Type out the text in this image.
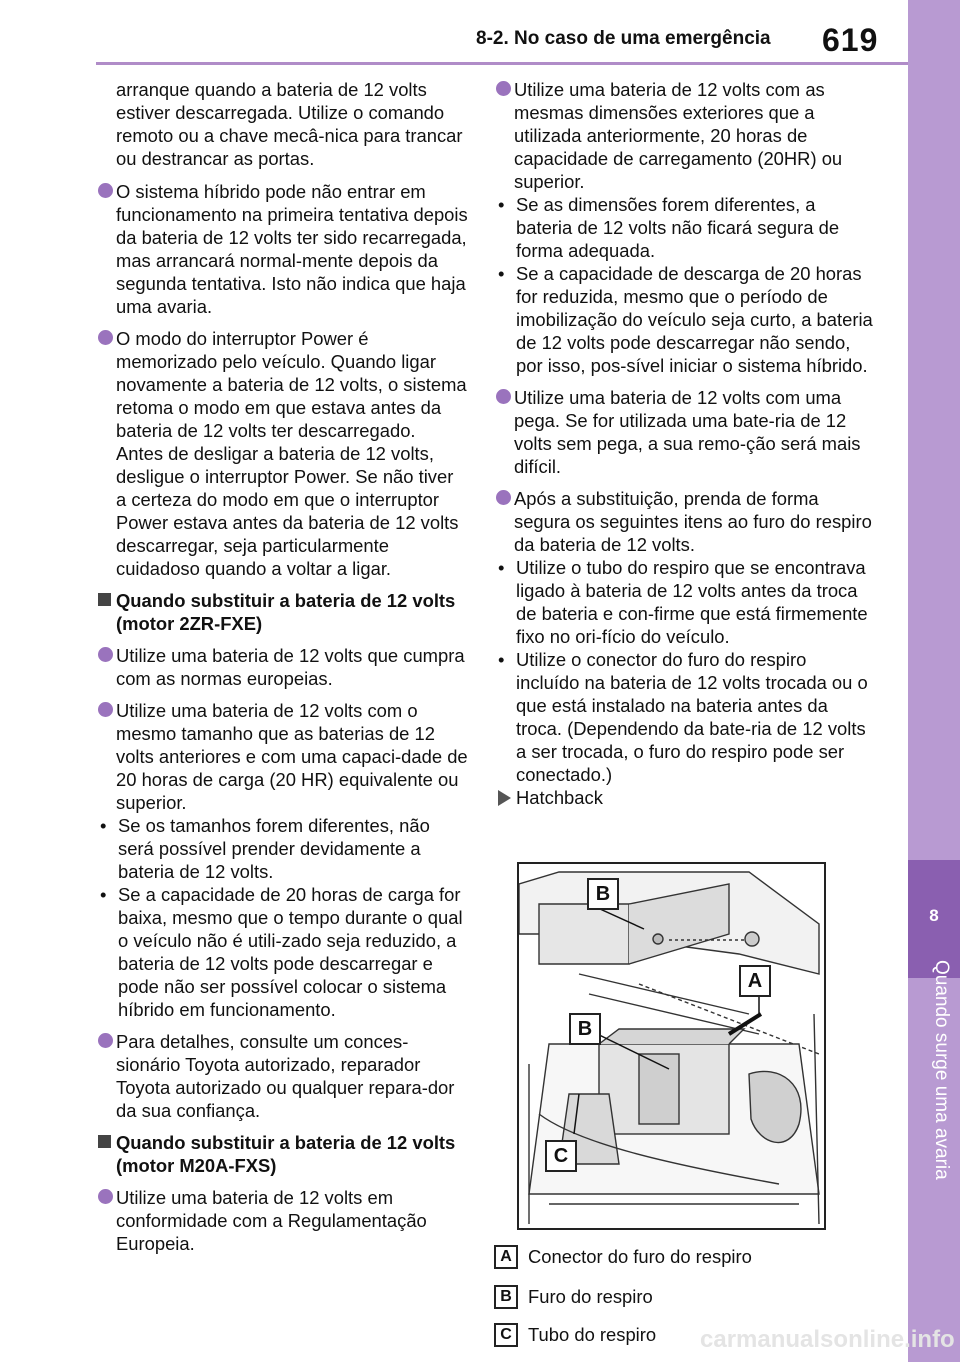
8-2. No caso de uma emergência 619
8
Quando surge uma avaria

arranque quando a bateria de 12 volts estiver descarregada. Utilize o comando remoto ou a chave mecâ-nica para trancar ou destrancar as portas.

O sistema híbrido pode não entrar em funcionamento na primeira tentativa depois da bateria de 12 volts ter sido recarregada, mas arrancará normal-mente depois da segunda tentativa. Isto não indica que haja uma avaria.
O modo do interruptor Power é memorizado pelo veículo. Quando ligar novamente a bateria de 12 volts, o sistema retoma o modo em que estava antes da bateria de 12 volts ter descarregado.
Antes de desligar a bateria de 12 volts, desligue o interruptor Power. Se não tiver a certeza do modo em que o interruptor Power estava antes da bateria de 12 volts descarregar, seja particularmente cuidadoso quando a voltar a ligar.
Quando substituir a bateria de 12 volts (motor 2ZR-FXE)
Utilize uma bateria de 12 volts que cumpra com as normas europeias.
Utilize uma bateria de 12 volts com o mesmo tamanho que as baterias de 12 volts anteriores e com uma capaci-dade de 20 horas de carga (20 HR) equivalente ou superior.
• Se os tamanhos forem diferentes, não será possível prender devidamente a bateria de 12 volts.
• Se a capacidade de 20 horas de carga for baixa, mesmo que o tempo durante o qual o veículo não é utili-zado seja reduzido, a bateria de 12 volts pode descarregar e pode não ser possível colocar o sistema híbrido em funcionamento.
Para detalhes, consulte um conces-sionário Toyota autorizado, reparador Toyota autorizado ou qualquer repara-dor da sua confiança.
Quando substituir a bateria de 12 volts (motor M20A-FXS)
Utilize uma bateria de 12 volts em conformidade com a Regulamentação Europeia.
Utilize uma bateria de 12 volts com as mesmas dimensões exteriores que a utilizada anteriormente, 20 horas de capacidade de carregamento (20HR) ou superior.
• Se as dimensões forem diferentes, a bateria de 12 volts não ficará segura de forma adequada.
• Se a capacidade de descarga de 20 horas for reduzida, mesmo que o período de imobilização do veículo seja curto, a bateria de 12 volts pode descarregar não sendo, por isso, pos-sível iniciar o sistema híbrido.
Utilize uma bateria de 12 volts com uma pega. Se for utilizada uma bate-ria de 12 volts sem pega, a sua remo-ção será mais difícil.
Após a substituição, prenda de forma segura os seguintes itens ao furo do respiro da bateria de 12 volts.
• Utilize o tubo do respiro que se encontrava ligado à bateria de 12 volts antes da troca de bateria e con-firme que está firmemente fixo no ori-fício do veículo.
• Utilize o conector do furo do respiro incluído na bateria de 12 volts trocada ou o que está instalado na bateria antes da troca. (Dependendo da bate-ria de 12 volts a ser trocada, o furo do respiro pode ser conectado.)
Hatchback
B
A
B
C
A Conector do furo do respiro
B Furo do respiro
C Tubo do respiro carmanualsonline.info
